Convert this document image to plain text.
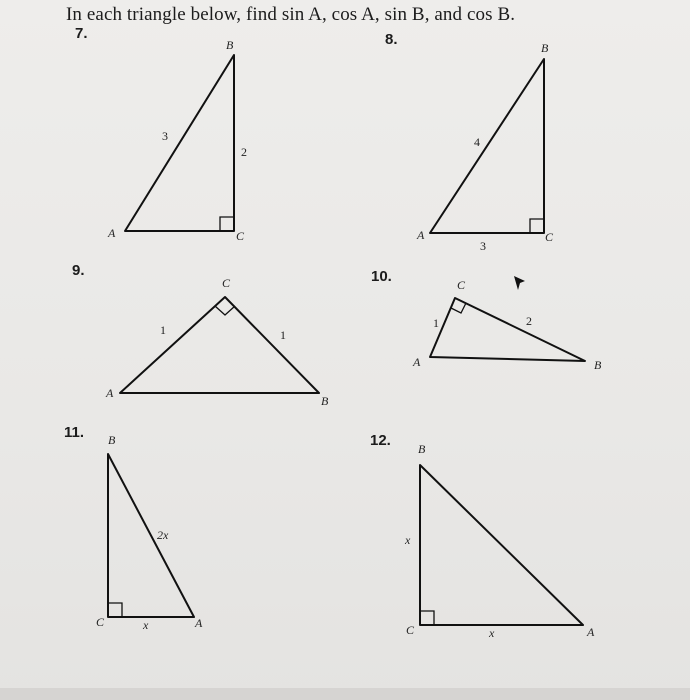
In each triangle below, find sin A, cos A, sin B, and cos B.
7.	8.
9.	10.
11.	12.
B
A	C
3
2
B
A	C
4
3
C
A
B
1	1
C
A	B
1	2
B
C	A
2x
x
B
C	A
x
x
